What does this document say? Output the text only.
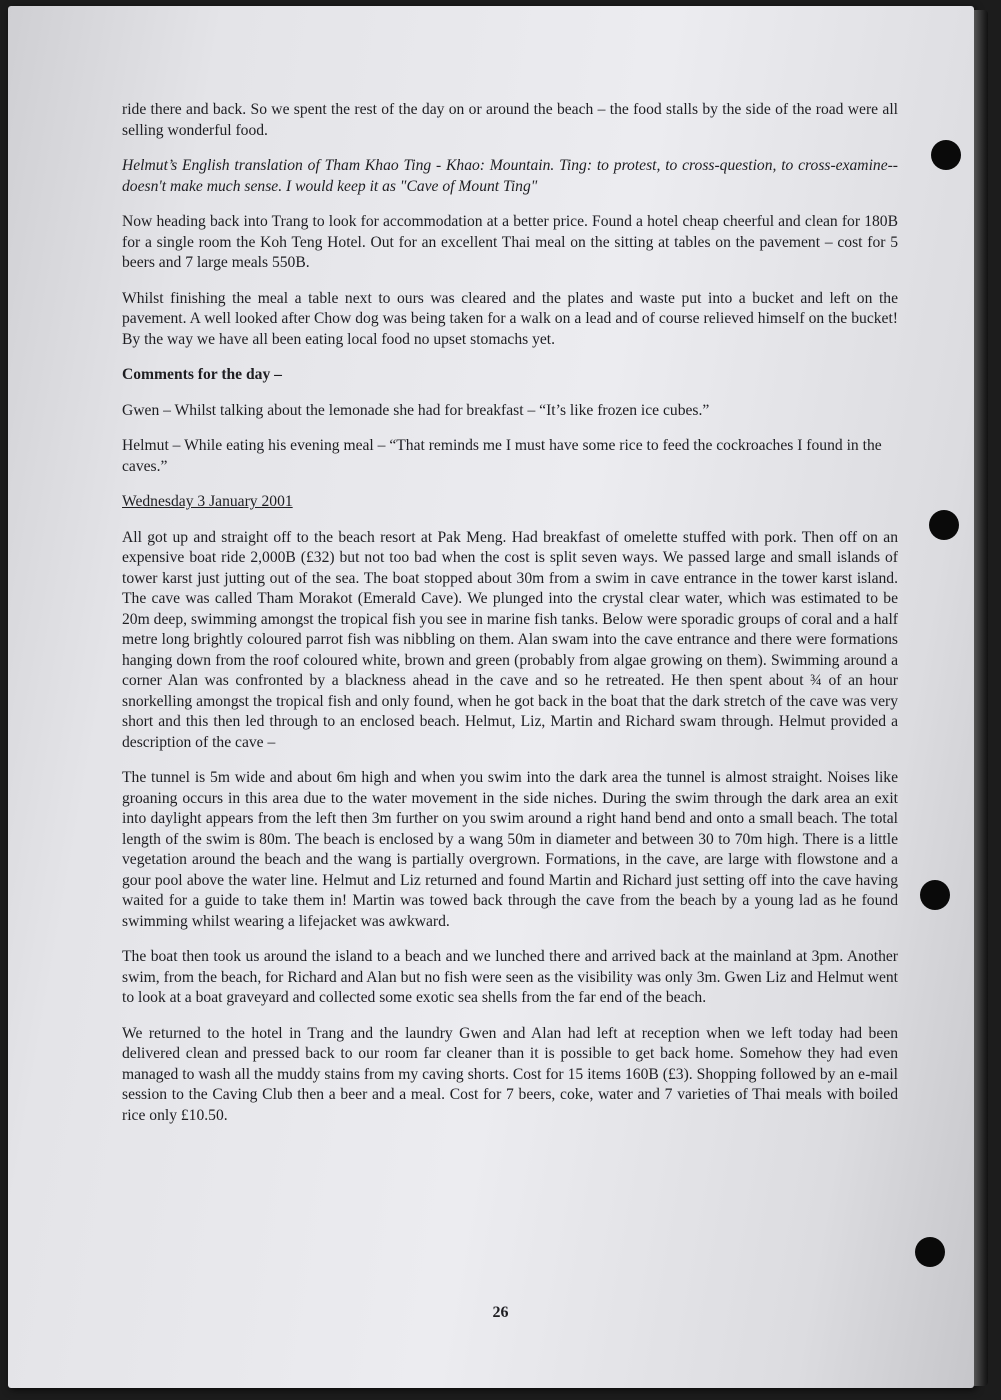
ride there and back. So we spent the rest of the day on or around the beach – the food stalls by the side of the road were all selling wonderful food.

Helmut’s English translation of Tham Khao Ting - Khao: Mountain. Ting: to protest, to cross-question, to cross-examine-- doesn't make much sense. I would keep it as "Cave of Mount Ting"

Now heading back into Trang to look for accommodation at a better price. Found a hotel cheap cheerful and clean for 180B for a single room the Koh Teng Hotel. Out for an excellent Thai meal on the sitting at tables on the pavement – cost for 5 beers and 7 large meals 550B.

Whilst finishing the meal a table next to ours was cleared and the plates and waste put into a bucket and left on the pavement. A well looked after Chow dog was being taken for a walk on a lead and of course relieved himself on the bucket! By the way we have all been eating local food no upset stomachs yet.

Comments for the day –

Gwen – Whilst talking about the lemonade she had for breakfast – “It’s like frozen ice cubes.”

Helmut – While eating his evening meal – “That reminds me I must have some rice to feed the cockroaches I found in the caves.”

Wednesday 3 January 2001

All got up and straight off to the beach resort at Pak Meng. Had breakfast of omelette stuffed with pork. Then off on an expensive boat ride 2,000B (£32) but not too bad when the cost is split seven ways. We passed large and small islands of tower karst just jutting out of the sea. The boat stopped about 30m from a swim in cave entrance in the tower karst island. The cave was called Tham Morakot (Emerald Cave). We plunged into the crystal clear water, which was estimated to be 20m deep, swimming amongst the tropical fish you see in marine fish tanks. Below were sporadic groups of coral and a half metre long brightly coloured parrot fish was nibbling on them. Alan swam into the cave entrance and there were formations hanging down from the roof coloured white, brown and green (probably from algae growing on them). Swimming around a corner Alan was confronted by a blackness ahead in the cave and so he retreated. He then spent about ¾ of an hour snorkelling amongst the tropical fish and only found, when he got back in the boat that the dark stretch of the cave was very short and this then led through to an enclosed beach. Helmut, Liz, Martin and Richard swam through. Helmut provided a description of the cave –

The tunnel is 5m wide and about 6m high and when you swim into the dark area the tunnel is almost straight. Noises like groaning occurs in this area due to the water movement in the side niches. During the swim through the dark area an exit into daylight appears from the left then 3m further on you swim around a right hand bend and onto a small beach. The total length of the swim is 80m. The beach is enclosed by a wang 50m in diameter and between 30 to 70m high. There is a little vegetation around the beach and the wang is partially overgrown. Formations, in the cave, are large with flowstone and a gour pool above the water line. Helmut and Liz returned and found Martin and Richard just setting off into the cave having waited for a guide to take them in! Martin was towed back through the cave from the beach by a young lad as he found swimming whilst wearing a lifejacket was awkward.

The boat then took us around the island to a beach and we lunched there and arrived back at the mainland at 3pm. Another swim, from the beach, for Richard and Alan but no fish were seen as the visibility was only 3m. Gwen Liz and Helmut went to look at a boat graveyard and collected some exotic sea shells from the far end of the beach.

We returned to the hotel in Trang and the laundry Gwen and Alan had left at reception when we left today had been delivered clean and pressed back to our room far cleaner than it is possible to get back home. Somehow they had even managed to wash all the muddy stains from my caving shorts. Cost for 15 items 160B (£3). Shopping followed by an e-mail session to the Caving Club then a beer and a meal. Cost for 7 beers, coke, water and 7 varieties of Thai meals with boiled rice only £10.50.

26
